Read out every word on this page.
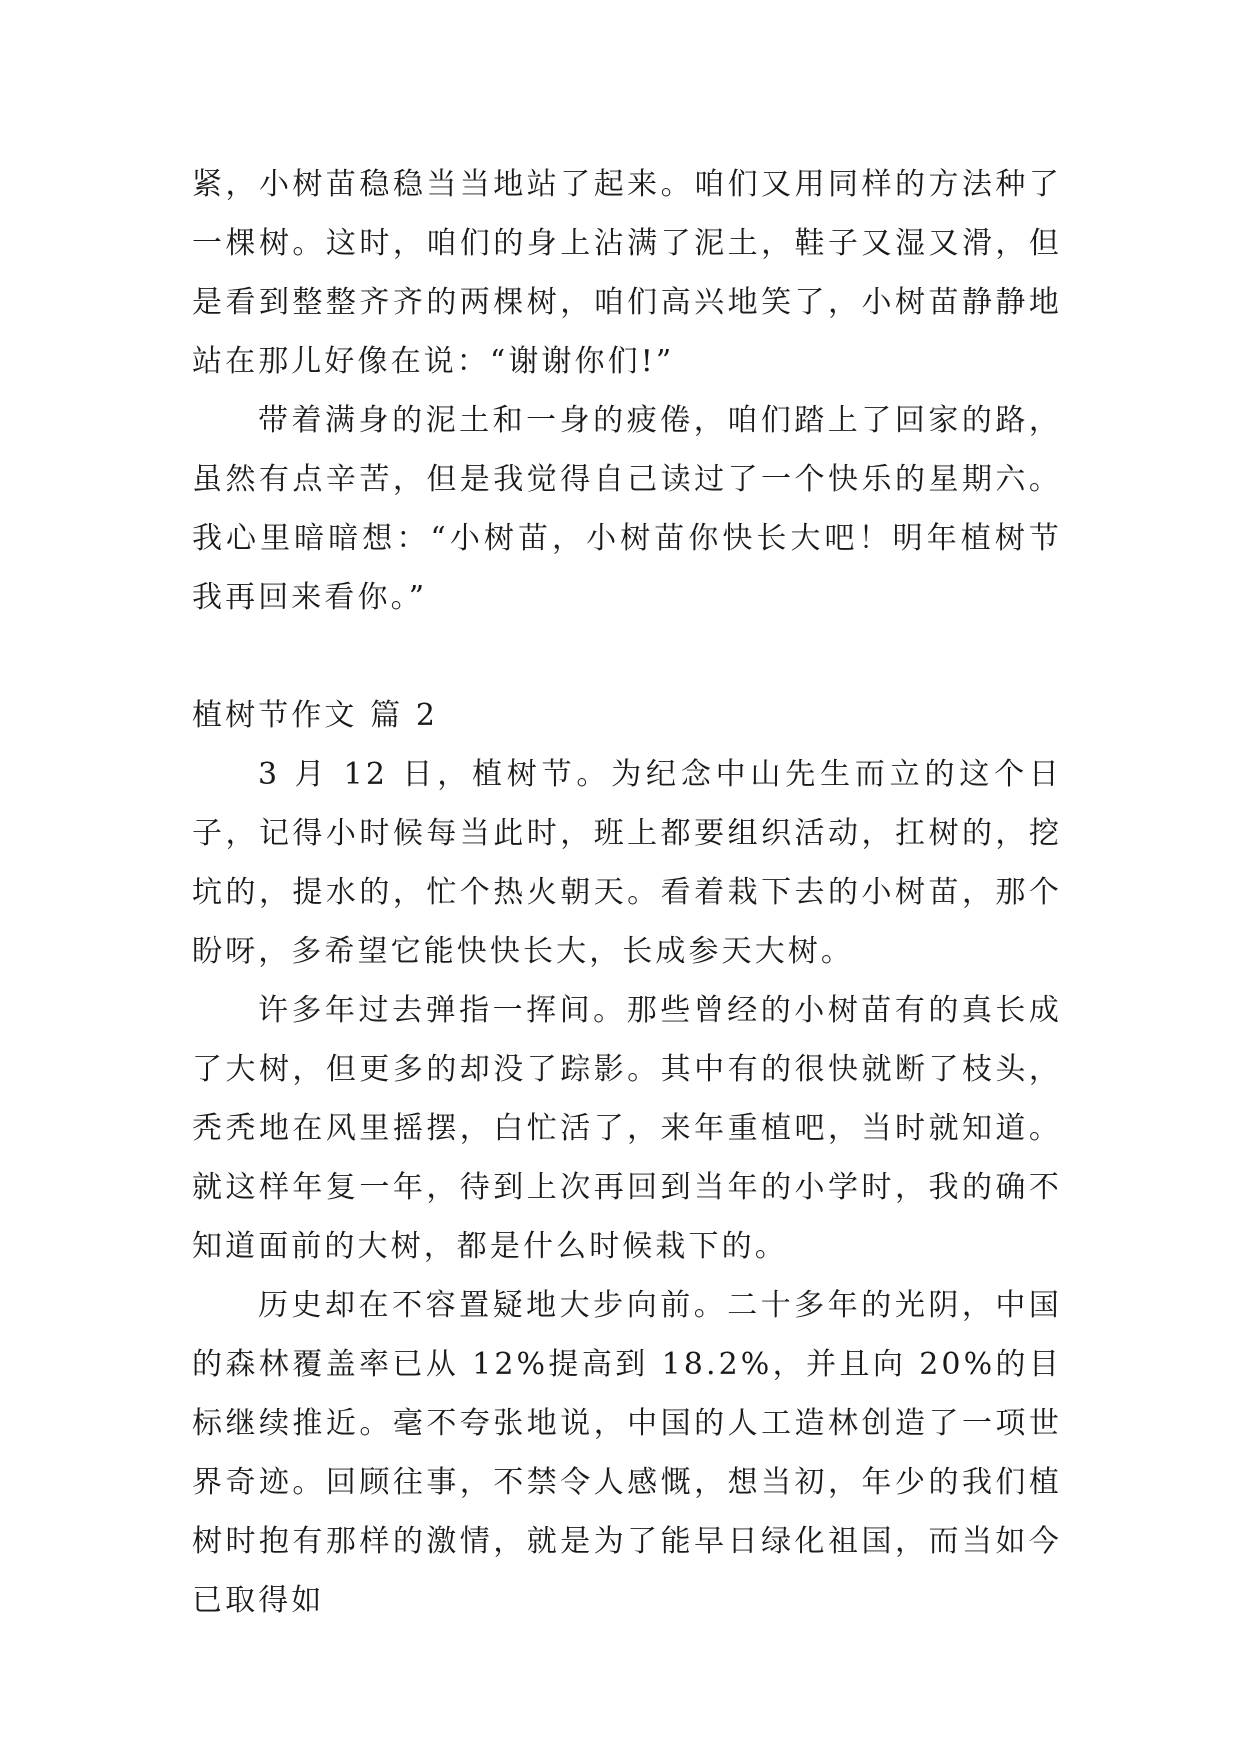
紧，小树苗稳稳当当地站了起来。咱们又用同样的方法种了一棵树。这时，咱们的身上沾满了泥土，鞋子又湿又滑，但是看到整整齐齐的两棵树，咱们高兴地笑了，小树苗静静地站在那儿好像在说：“谢谢你们!”

带着满身的泥土和一身的疲倦，咱们踏上了回家的路，虽然有点辛苦，但是我觉得自己读过了一个快乐的星期六。我心里暗暗想：“小树苗，小树苗你快长大吧！明年植树节我再回来看你。”

植树节作文 篇 2

3 月 12 日，植树节。为纪念中山先生而立的这个日子，记得小时候每当此时，班上都要组织活动，扛树的，挖坑的，提水的，忙个热火朝天。看着栽下去的小树苗，那个盼呀，多希望它能快快长大，长成参天大树。

许多年过去弹指一挥间。那些曾经的小树苗有的真长成了大树，但更多的却没了踪影。其中有的很快就断了枝头，秃秃地在风里摇摆，白忙活了，来年重植吧，当时就知道。就这样年复一年，待到上次再回到当年的小学时，我的确不知道面前的大树，都是什么时候栽下的。

历史却在不容置疑地大步向前。二十多年的光阴，中国的森林覆盖率已从 12%提高到 18.2%，并且向 20%的目标继续推近。毫不夸张地说，中国的人工造林创造了一项世界奇迹。回顾往事，不禁令人感慨，想当初，年少的我们植树时抱有那样的激情，就是为了能早日绿化祖国，而当如今已取得如
